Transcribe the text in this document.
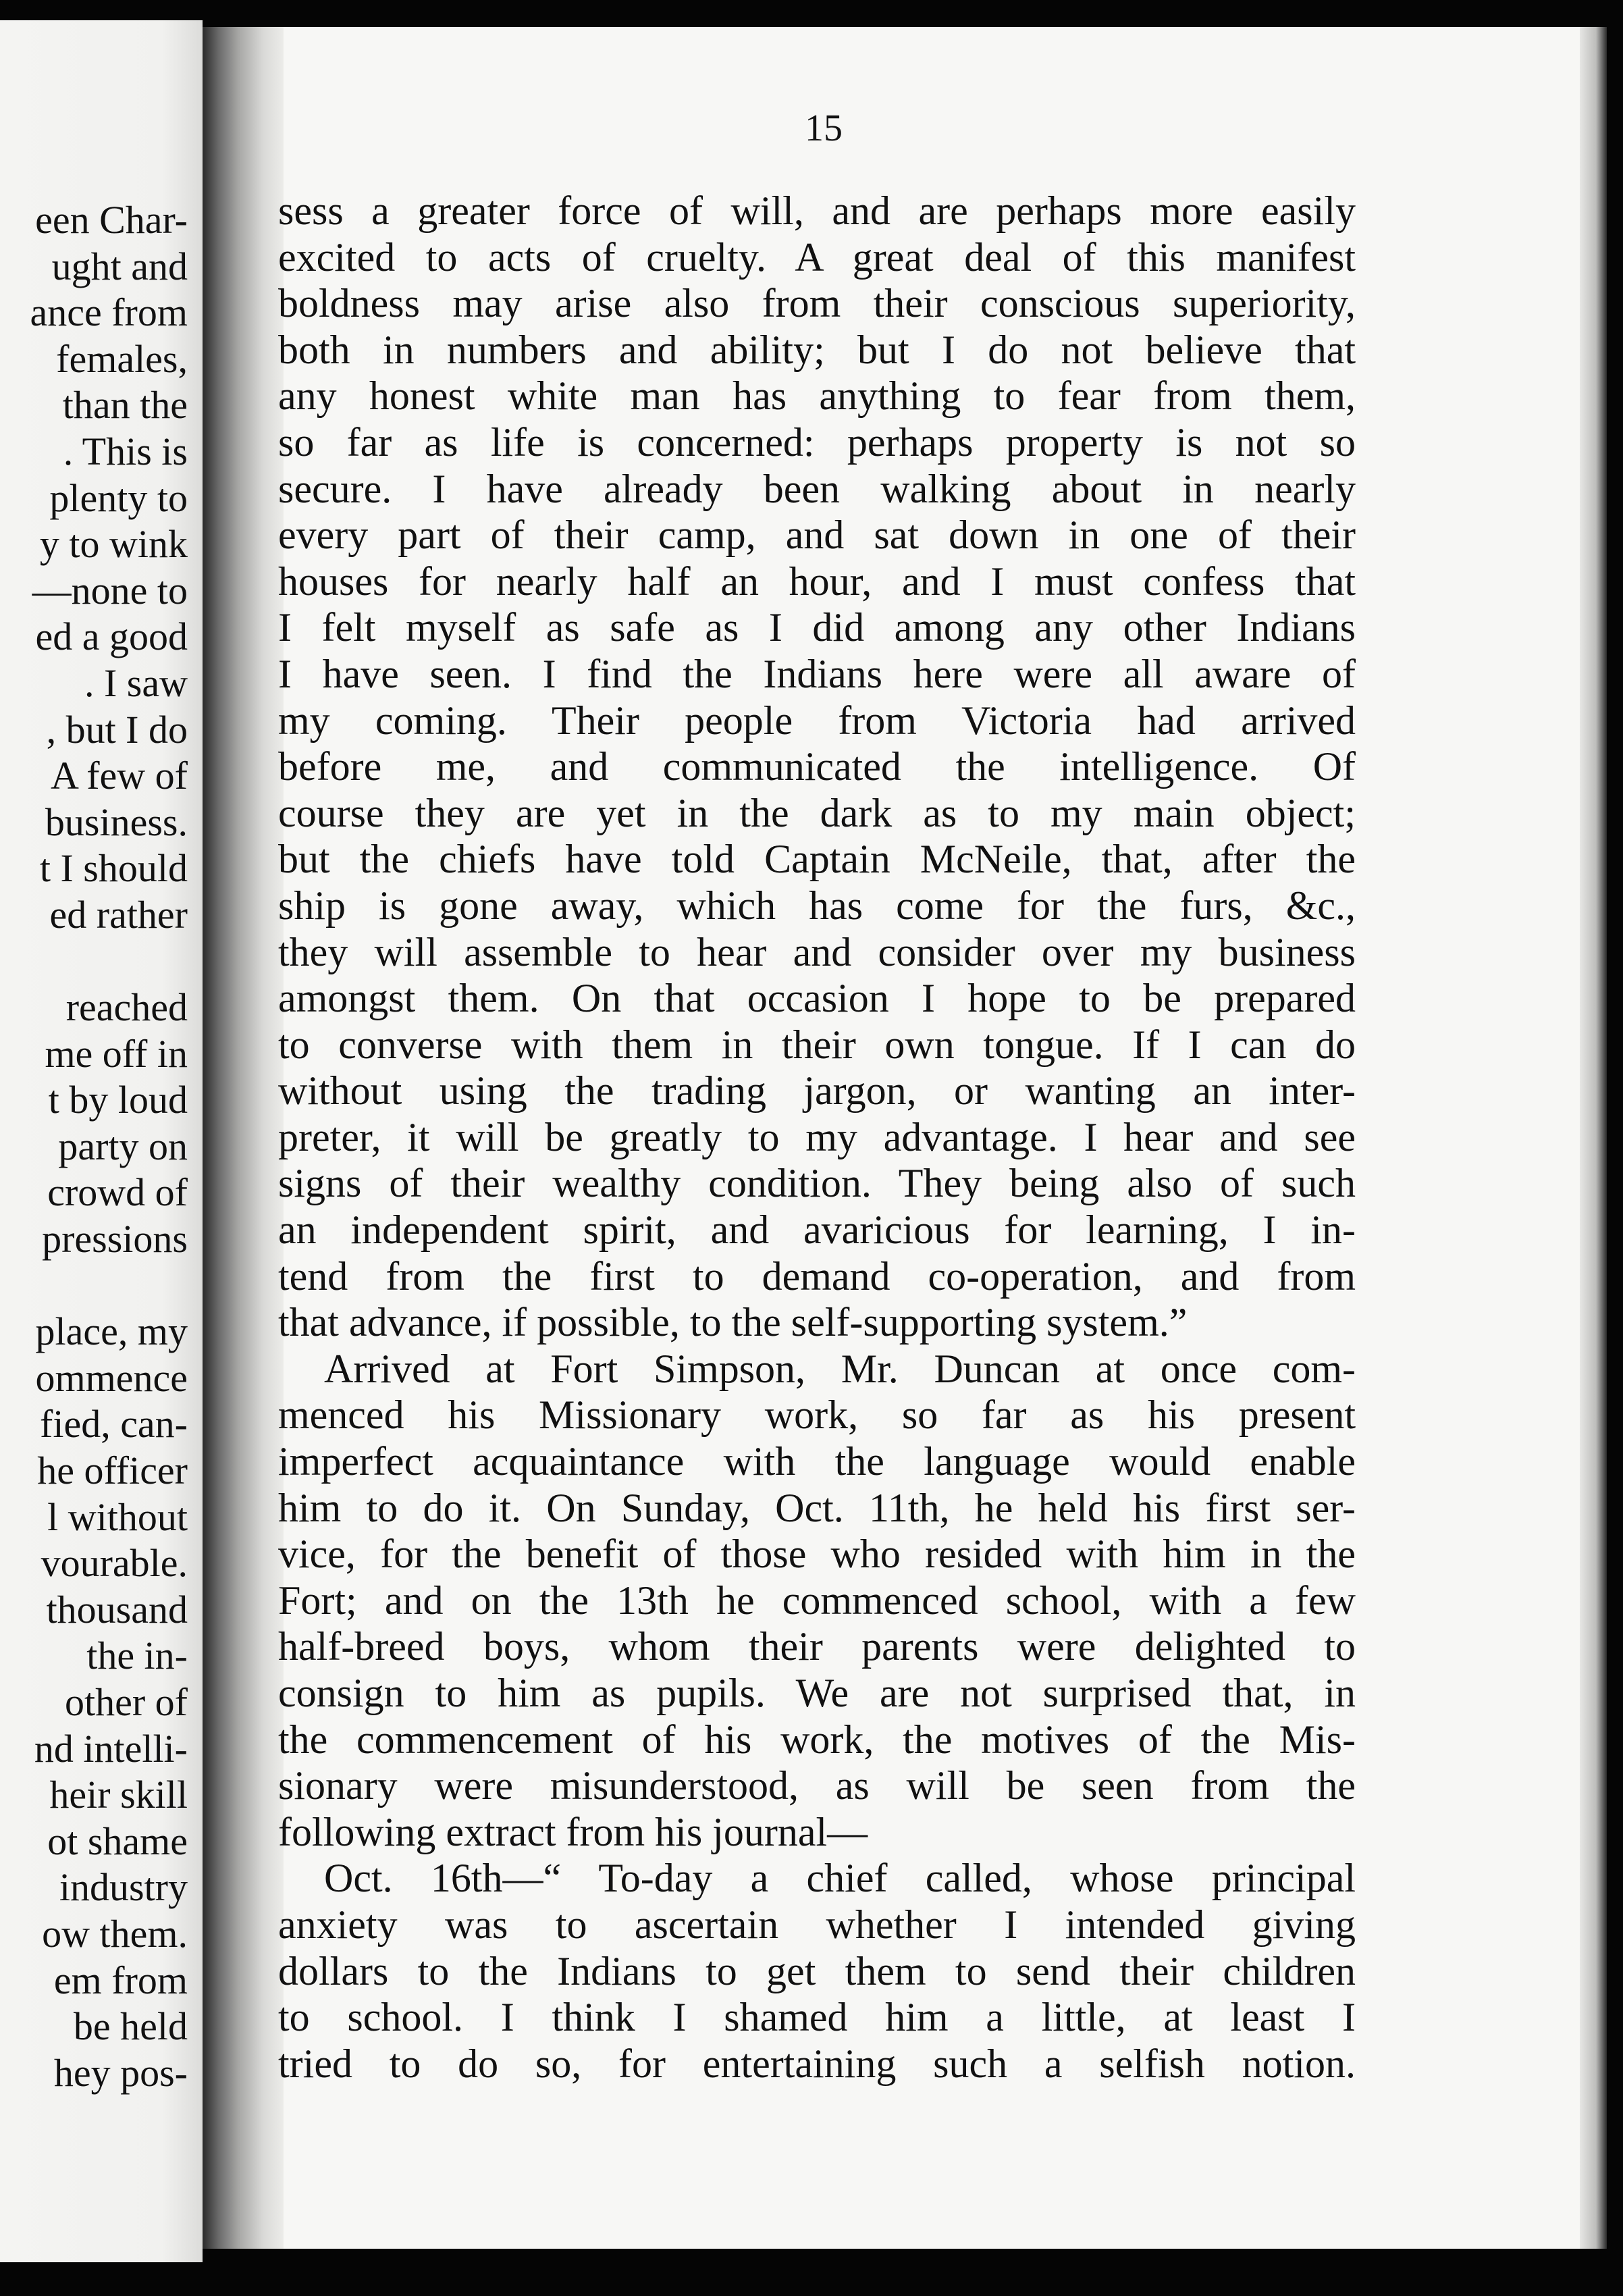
een Char-
ught and
ance from
females,
than the
. This is
plenty to
y to wink
—none to
ed a good
. I saw
, but I do
A few of
business.
t I should
ed rather

reached
me off in
t by loud
party on
crowd of
pressions

place, my
ommence
fied, can-
he officer
l without
vourable.
thousand
the in-
other of
nd intelli-
heir skill
ot shame
industry
ow them.
em from
be held
hey pos-
15
sess a greater force of will, and are perhaps more easily
excited to acts of cruelty. A great deal of this manifest
boldness may arise also from their conscious superiority,
both in numbers and ability; but I do not believe that
any honest white man has anything to fear from them,
so far as life is concerned: perhaps property is not so
secure. I have already been walking about in nearly
every part of their camp, and sat down in one of their
houses for nearly half an hour, and I must confess that
I felt myself as safe as I did among any other Indians
I have seen. I find the Indians here were all aware of
my coming. Their people from Victoria had arrived
before me, and communicated the intelligence. Of
course they are yet in the dark as to my main object;
but the chiefs have told Captain McNeile, that, after the
ship is gone away, which has come for the furs, &c.,
they will assemble to hear and consider over my business
amongst them. On that occasion I hope to be prepared
to converse with them in their own tongue. If I can do
without using the trading jargon, or wanting an inter-
preter, it will be greatly to my advantage. I hear and see
signs of their wealthy condition. They being also of such
an independent spirit, and avaricious for learning, I in-
tend from the first to demand co-operation, and from
that advance, if possible, to the self-supporting system.”
Arrived at Fort Simpson, Mr. Duncan at once com-
menced his Missionary work, so far as his present
imperfect acquaintance with the language would enable
him to do it. On Sunday, Oct. 11th, he held his first ser-
vice, for the benefit of those who resided with him in the
Fort; and on the 13th he commenced school, with a few
half-breed boys, whom their parents were delighted to
consign to him as pupils. We are not surprised that, in
the commencement of his work, the motives of the Mis-
sionary were misunderstood, as will be seen from the
following extract from his journal—
Oct. 16th—“ To-day a chief called, whose principal
anxiety was to ascertain whether I intended giving
dollars to the Indians to get them to send their children
to school. I think I shamed him a little, at least I
tried to do so, for entertaining such a selfish notion.
